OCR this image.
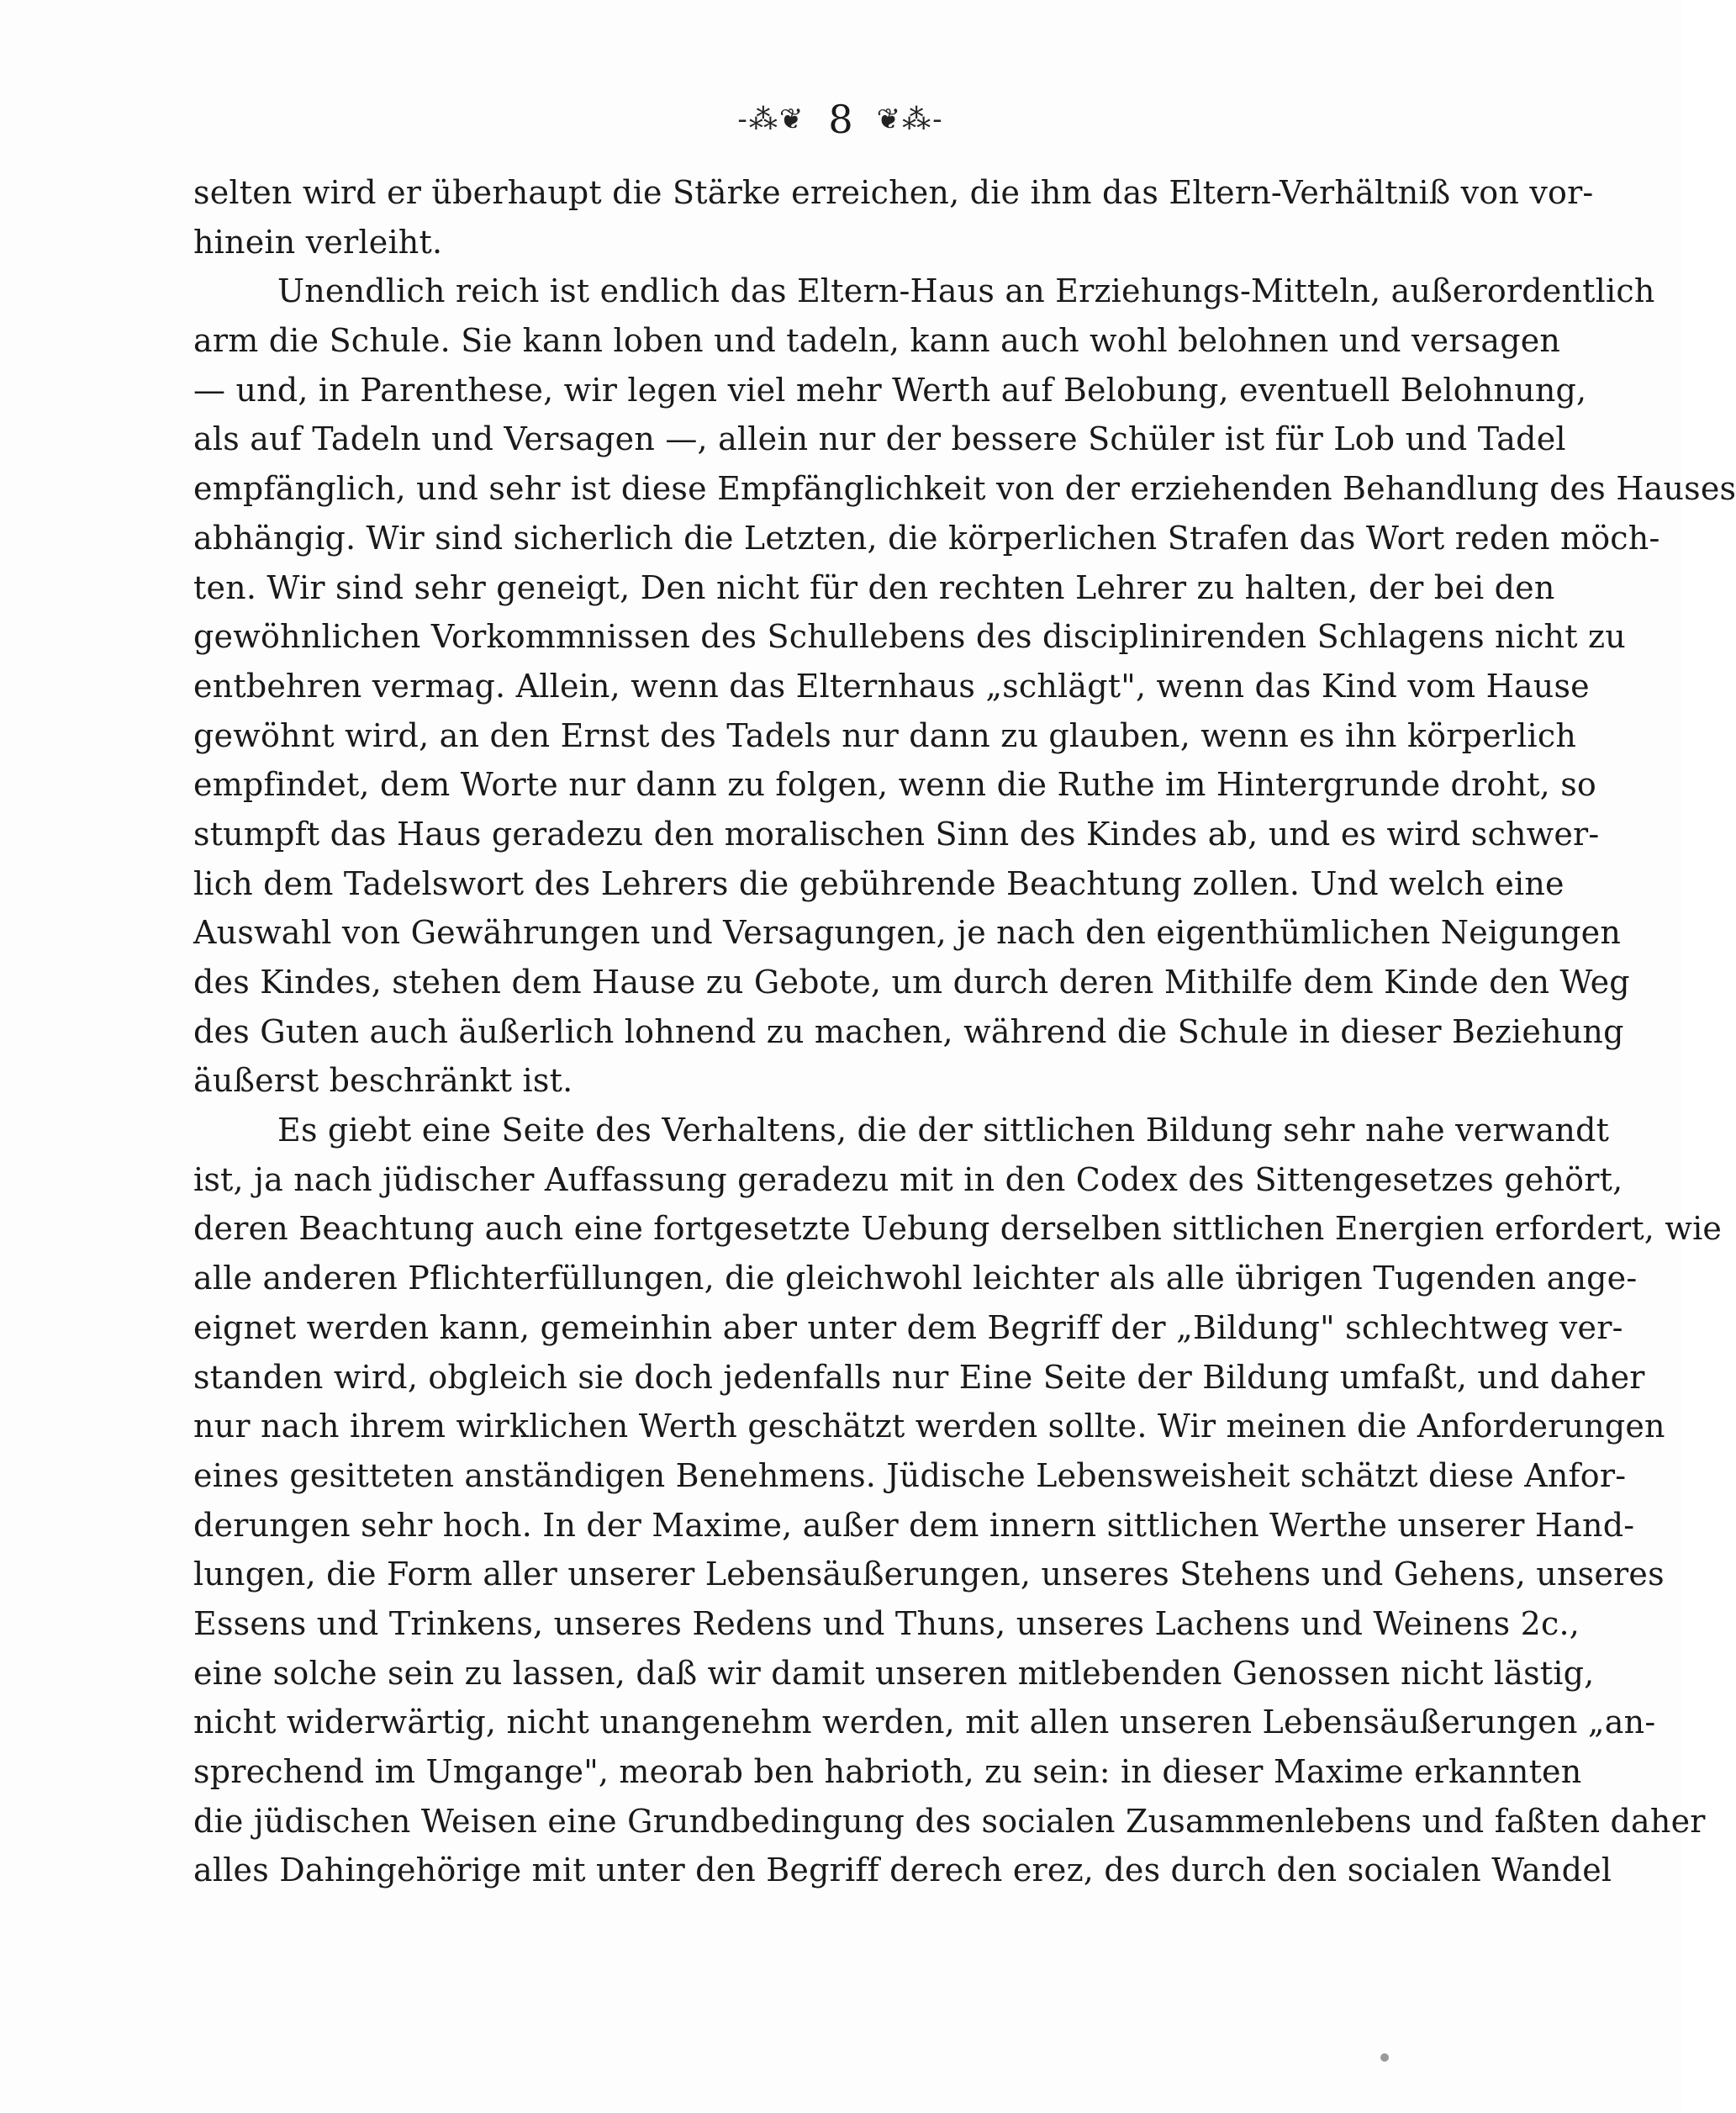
-⁂❦ 8 ❦⁂-
selten wird er überhaupt die Stärke erreichen, die ihm das Eltern-Verhältniß von vor-
hinein verleiht.
Unendlich reich ist endlich das Eltern-Haus an Erziehungs-Mitteln, außerordentlich
arm die Schule. Sie kann loben und tadeln, kann auch wohl belohnen und versagen
— und, in Parenthese, wir legen viel mehr Werth auf Belobung, eventuell Belohnung,
als auf Tadeln und Versagen —, allein nur der bessere Schüler ist für Lob und Tadel
empfänglich, und sehr ist diese Empfänglichkeit von der erziehenden Behandlung des Hauses
abhängig. Wir sind sicherlich die Letzten, die körperlichen Strafen das Wort reden möch-
ten. Wir sind sehr geneigt, Den nicht für den rechten Lehrer zu halten, der bei den
gewöhnlichen Vorkommnissen des Schullebens des disciplinirenden Schlagens nicht zu
entbehren vermag. Allein, wenn das Elternhaus „schlägt", wenn das Kind vom Hause
gewöhnt wird, an den Ernst des Tadels nur dann zu glauben, wenn es ihn körperlich
empfindet, dem Worte nur dann zu folgen, wenn die Ruthe im Hintergrunde droht, so
stumpft das Haus geradezu den moralischen Sinn des Kindes ab, und es wird schwer-
lich dem Tadelswort des Lehrers die gebührende Beachtung zollen. Und welch eine
Auswahl von Gewährungen und Versagungen, je nach den eigenthümlichen Neigungen
des Kindes, stehen dem Hause zu Gebote, um durch deren Mithilfe dem Kinde den Weg
des Guten auch äußerlich lohnend zu machen, während die Schule in dieser Beziehung
äußerst beschränkt ist.
Es giebt eine Seite des Verhaltens, die der sittlichen Bildung sehr nahe verwandt
ist, ja nach jüdischer Auffassung geradezu mit in den Codex des Sittengesetzes gehört,
deren Beachtung auch eine fortgesetzte Uebung derselben sittlichen Energien erfordert, wie
alle anderen Pflichterfüllungen, die gleichwohl leichter als alle übrigen Tugenden ange-
eignet werden kann, gemeinhin aber unter dem Begriff der „Bildung" schlechtweg ver-
standen wird, obgleich sie doch jedenfalls nur Eine Seite der Bildung umfaßt, und daher
nur nach ihrem wirklichen Werth geschätzt werden sollte. Wir meinen die Anforderungen
eines gesitteten anständigen Benehmens. Jüdische Lebensweisheit schätzt diese Anfor-
derungen sehr hoch. In der Maxime, außer dem innern sittlichen Werthe unserer Hand-
lungen, die Form aller unserer Lebensäußerungen, unseres Stehens und Gehens, unseres
Essens und Trinkens, unseres Redens und Thuns, unseres Lachens und Weinens 2c.,
eine solche sein zu lassen, daß wir damit unseren mitlebenden Genossen nicht lästig,
nicht widerwärtig, nicht unangenehm werden, mit allen unseren Lebensäußerungen „an-
sprechend im Umgange", meorab ben habrioth, zu sein: in dieser Maxime erkannten
die jüdischen Weisen eine Grundbedingung des socialen Zusammenlebens und faßten daher
alles Dahingehörige mit unter den Begriff derech erez, des durch den socialen Wandel
